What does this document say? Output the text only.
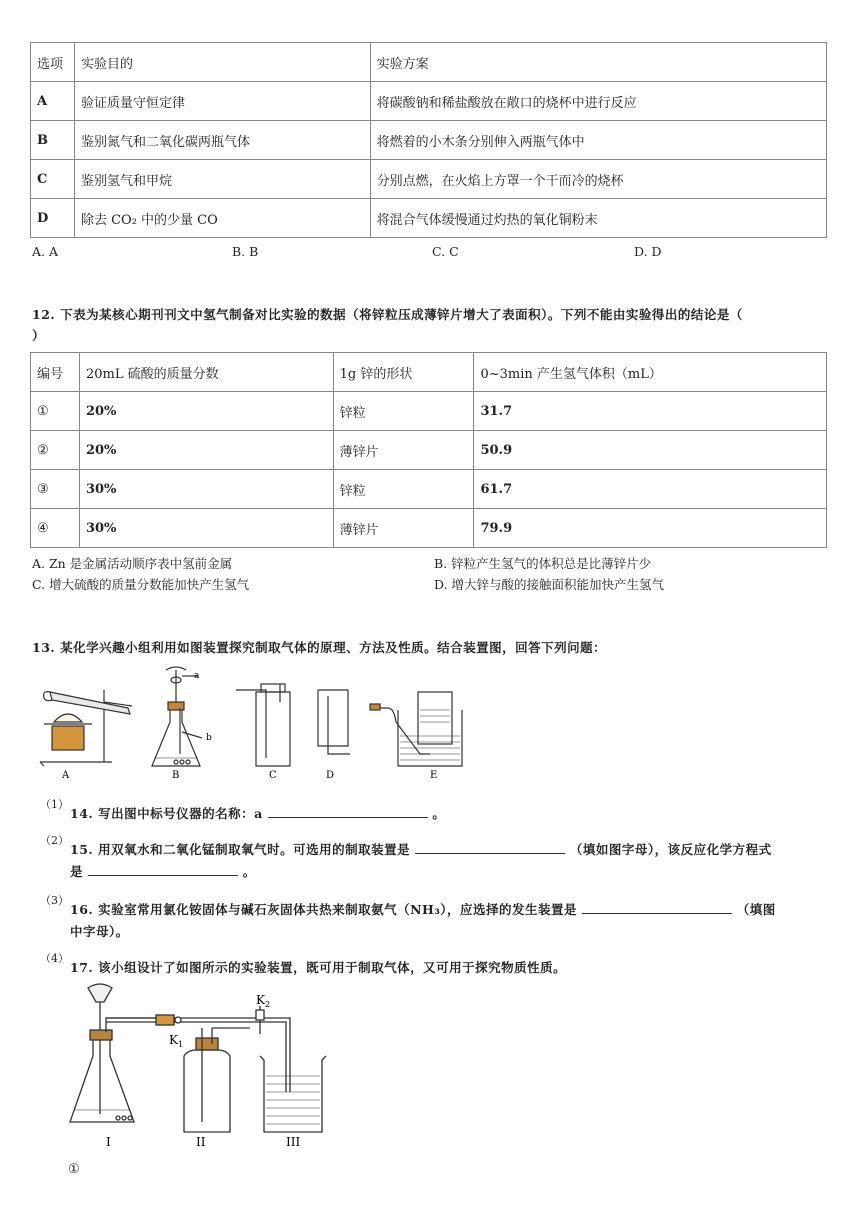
选项	实验目的	实验方案
A	验证质量守恒定律	将碳酸钠和稀盐酸放在敞口的烧杯中进行反应
B	鉴别氮气和二氧化碳两瓶气体	将燃着的小木条分别伸入两瓶气体中
C	鉴别氢气和甲烷	分别点燃，在火焰上方罩一个干而冷的烧杯
D	除去 CO₂ 中的少量 CO	将混合气体缓慢通过灼热的氧化铜粉末
A. A	B. B	C. C	D. D
12. 下表为某核心期刊刊文中氢气制备对比实验的数据（将锌粒压成薄锌片增大了表面积）。下列不能由实验得出的结论是（
）
编号	20mL 硫酸的质量分数	1g 锌的形状	0~3min 产生氢气体积（mL）
①	20%	锌粒	31.7
②	20%	薄锌片	50.9
③	30%	锌粒	61.7
④	30%	薄锌片	79.9
A. Zn 是金属活动顺序表中氢前金属	B. 锌粒产生氢气的体积总是比薄锌片少
C. 增大硫酸的质量分数能加快产生氢气	D. 增大锌与酸的接触面积能加快产生氢气
13. 某化学兴趣小组利用如图装置探究制取气体的原理、方法及性质。结合装置图，回答下列问题：
a
b
A	B	C	D	E
（1）
14. 写出图中标号仪器的名称：a	。
（2）
15. 用双氧水和二氧化锰制取氧气时。可选用的制取装置是	（填如图字母），该反应化学方程式
是	。
（3）
16. 实验室常用氯化铵固体与碱石灰固体共热来制取氨气（NH₃），应选择的发生装置是	（填图
中字母）。
（4）
17. 该小组设计了如图所示的实验装置，既可用于制取气体，又可用于探究物质性质。
$K_1$
$K_2$
I	II	III
①
